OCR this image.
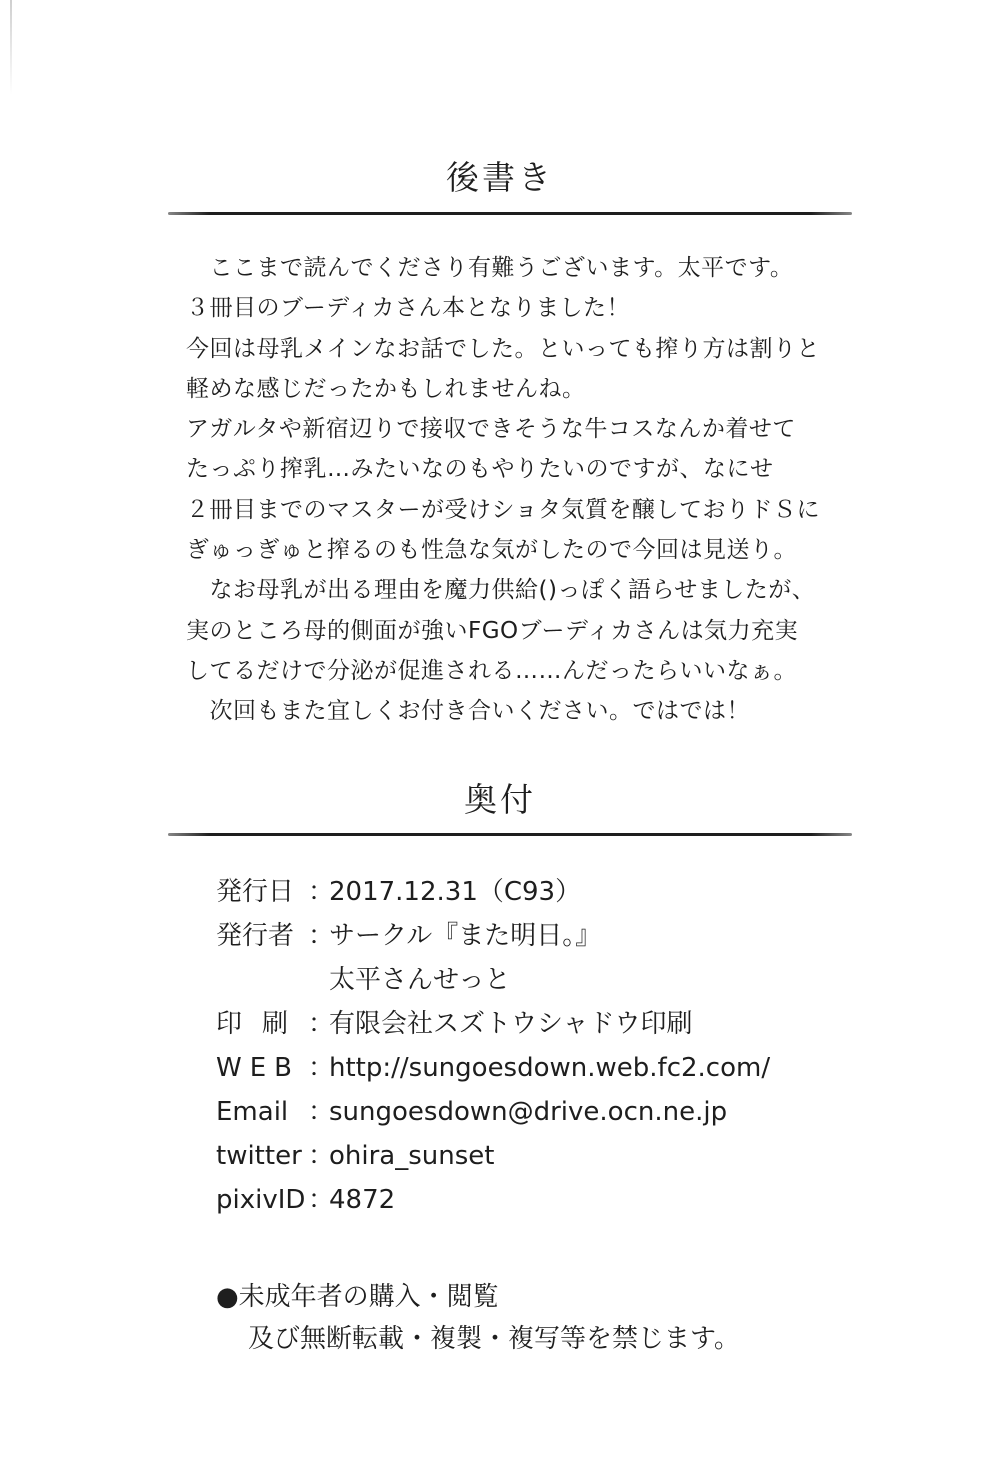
後書き
　ここまで読んでくださり有難うございます。太平です。
３冊目のブーディカさん本となりました！
今回は母乳メインなお話でした。といっても搾り方は割りと
軽めな感じだったかもしれませんね。
アガルタや新宿辺りで接収できそうな牛コスなんか着せて
たっぷり搾乳…みたいなのもやりたいのですが、なにせ
２冊目までのマスターが受けショタ気質を醸しておりドＳに
ぎゅっぎゅと搾るのも性急な気がしたので今回は見送り。
　なお母乳が出る理由を魔力供給()っぽく語らせましたが、
実のところ母的側面が強いFGOブーディカさんは気力充実
してるだけで分泌が促進される……んだったらいいなぁ。
　次回もまた宜しくお付き合いください。ではでは！
奥付
発行日 ：
2017.12.31（C93）
発行者 ：
サークル『また明日。』
太平さんせっと
印刷 ：
有限会社スズトウシャドウ印刷
WEB ：
http://sungoesdown.web.fc2.com/
Email ：
sungoesdown@drive.ocn.ne.jp
twitter ：
ohira_sunset
pixivID ：
4872
●未成年者の購入・閲覧
及び無断転載・複製・複写等を禁じます。
